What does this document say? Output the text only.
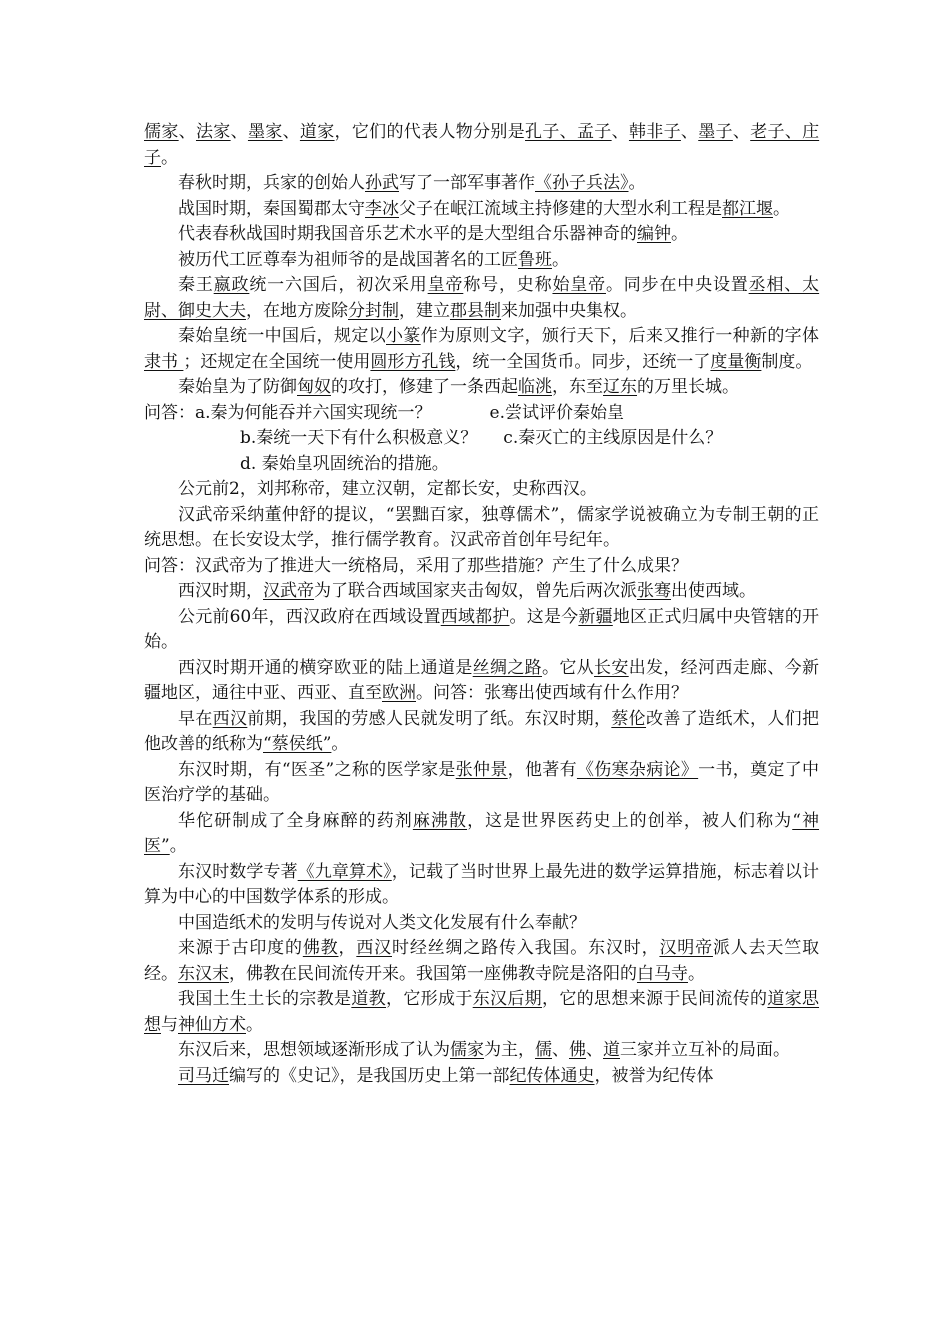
儒家、法家、墨家、道家，它们的代表人物分别是孔子、孟子、韩非子、墨子、老子、庄子。

春秋时期，兵家的创始人孙武写了一部军事著作《孙子兵法》。

战国时期，秦国蜀郡太守李冰父子在岷江流域主持修建的大型水利工程是都江堰。

代表春秋战国时期我国音乐艺术水平的是大型组合乐器神奇的编钟。

被历代工匠尊奉为祖师爷的是战国著名的工匠鲁班。

秦王嬴政统一六国后，初次采用皇帝称号，史称始皇帝。同步在中央设置丞相、太尉、御史大夫，在地方废除分封制，建立郡县制来加强中央集权。

秦始皇统一中国后，规定以小篆作为原则文字，颁行天下，后来又推行一种新的字体隶书 ；还规定在全国统一使用圆形方孔钱，统一全国货币。同步，还统一了度量衡制度。

秦始皇为了防御匈奴的攻打，修建了一条西起临洮，东至辽东的万里长城。

问答：a.秦为何能吞并六国实现统一？	e.尝试评价秦始皇

b.秦统一天下有什么积极意义？ c.秦灭亡的主线原因是什么？

d. 秦始皇巩固统治的措施。

公元前2，刘邦称帝，建立汉朝，定都长安，史称西汉。

汉武帝采纳董仲舒的提议，“罢黜百家，独尊儒术”，儒家学说被确立为专制王朝的正统思想。在长安设太学，推行儒学教育。汉武帝首创年号纪年。

问答：汉武帝为了推进大一统格局，采用了那些措施？产生了什么成果？

西汉时期，汉武帝为了联合西域国家夹击匈奴，曾先后两次派张骞出使西域。

公元前60年，西汉政府在西域设置西域都护。这是今新疆地区正式归属中央管辖的开始。

西汉时期开通的横穿欧亚的陆上通道是丝绸之路。它从长安出发，经河西走廊、今新疆地区，通往中亚、西亚、直至欧洲。问答：张骞出使西域有什么作用？

早在西汉前期，我国的劳感人民就发明了纸。东汉时期，蔡伦改善了造纸术，人们把他改善的纸称为“蔡侯纸”。

东汉时期，有“医圣”之称的医学家是张仲景，他著有《伤寒杂病论》一书，奠定了中医治疗学的基础。

华佗研制成了全身麻醉的药剂麻沸散，这是世界医药史上的创举，被人们称为“神医”。

东汉时数学专著《九章算术》，记载了当时世界上最先进的数学运算措施，标志着以计算为中心的中国数学体系的形成。

中国造纸术的发明与传说对人类文化发展有什么奉献？

来源于古印度的佛教，西汉时经丝绸之路传入我国。东汉时，汉明帝派人去天竺取经。东汉末，佛教在民间流传开来。我国第一座佛教寺院是洛阳的白马寺。

我国土生土长的宗教是道教，它形成于东汉后期，它的思想来源于民间流传的道家思想与神仙方术。

东汉后来，思想领域逐渐形成了认为儒家为主，儒、佛、道三家并立互补的局面。

司马迁编写的《史记》，是我国历史上第一部纪传体通史，被誉为纪传体
